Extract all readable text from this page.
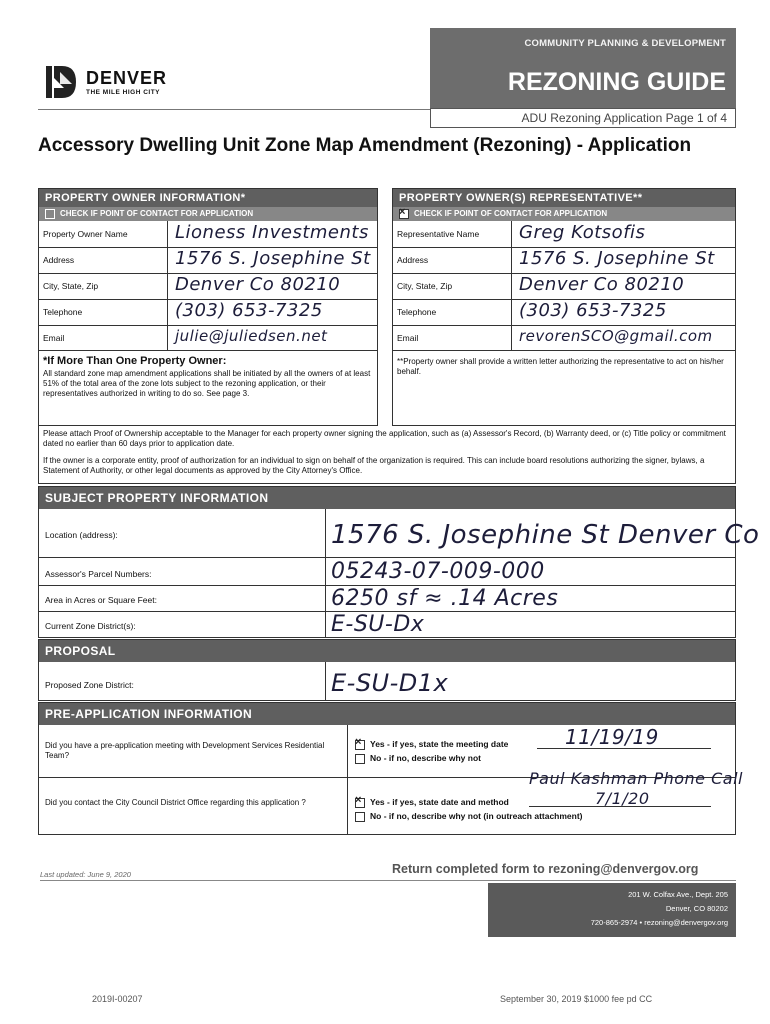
DENVER
THE MILE HIGH CITY
COMMUNITY PLANNING & DEVELOPMENT
REZONING GUIDE
ADU Rezoning Application Page 1 of 4
Accessory Dwelling Unit Zone Map Amendment (Rezoning) - Application
PROPERTY OWNER INFORMATION*
CHECK IF POINT OF CONTACT FOR APPLICATION
Property Owner Name
Address
City, State, Zip
Telephone
Email
Lioness Investments
1576 S. Josephine St
Denver Co 80210
(303) 653-7325
julie@juliedsen.net
*If More Than One Property Owner:
All standard zone map amendment applications shall be initiated by all the owners of at least 51% of the total area of the zone lots subject to the rezoning application, or their representatives authorized in writing to do so. See page 3.
PROPERTY OWNER(S) REPRESENTATIVE**
×CHECK IF POINT OF CONTACT FOR APPLICATION
Representative Name
Address
City, State, Zip
Telephone
Email
Greg Kotsofis
1576 S. Josephine St
Denver Co 80210
(303) 653-7325
revorenSCO@gmail.com
**Property owner shall provide a written letter authorizing the representative to act on his/her behalf.
Please attach Proof of Ownership acceptable to the Manager for each property owner signing the application, such as (a) Assessor's Record, (b) Warranty deed, or (c) Title policy or commitment dated no earlier than 60 days prior to application date.
If the owner is a corporate entity, proof of authorization for an individual to sign on behalf of the organization is required. This can include board resolutions authorizing the signer, bylaws, a Statement of Authority, or other legal documents as approved by the City Attorney's Office.
SUBJECT PROPERTY INFORMATION
Location (address):
Assessor's Parcel Numbers:
Area in Acres or Square Feet:
Current Zone District(s):
1576 S. Josephine St Denver Co
05243-07-009-000
6250 sf ≈ .14 Acres
E-SU-Dx
PROPOSAL
Proposed Zone District:	E-SU-D1x
PRE-APPLICATION INFORMATION
Did you have a pre-application meeting with Development Services Residential Team?
×Yes - if yes, state the meeting date
No - if no, describe why not
11/19/19
Did you contact the City Council District Office regarding this application ?
×	Yes - if yes, state date and method
No - if no, describe why not (in outreach attachment)
Paul Kashman Phone Call
7/1/20
Last updated: June 9, 2020	Return completed form to rezoning@denvergov.org
201 W. Colfax Ave., Dept. 205
Denver, CO 80202
720-865-2974 • rezoning@denvergov.org
2019I-00207	September 30, 2019 $1000 fee pd CC
